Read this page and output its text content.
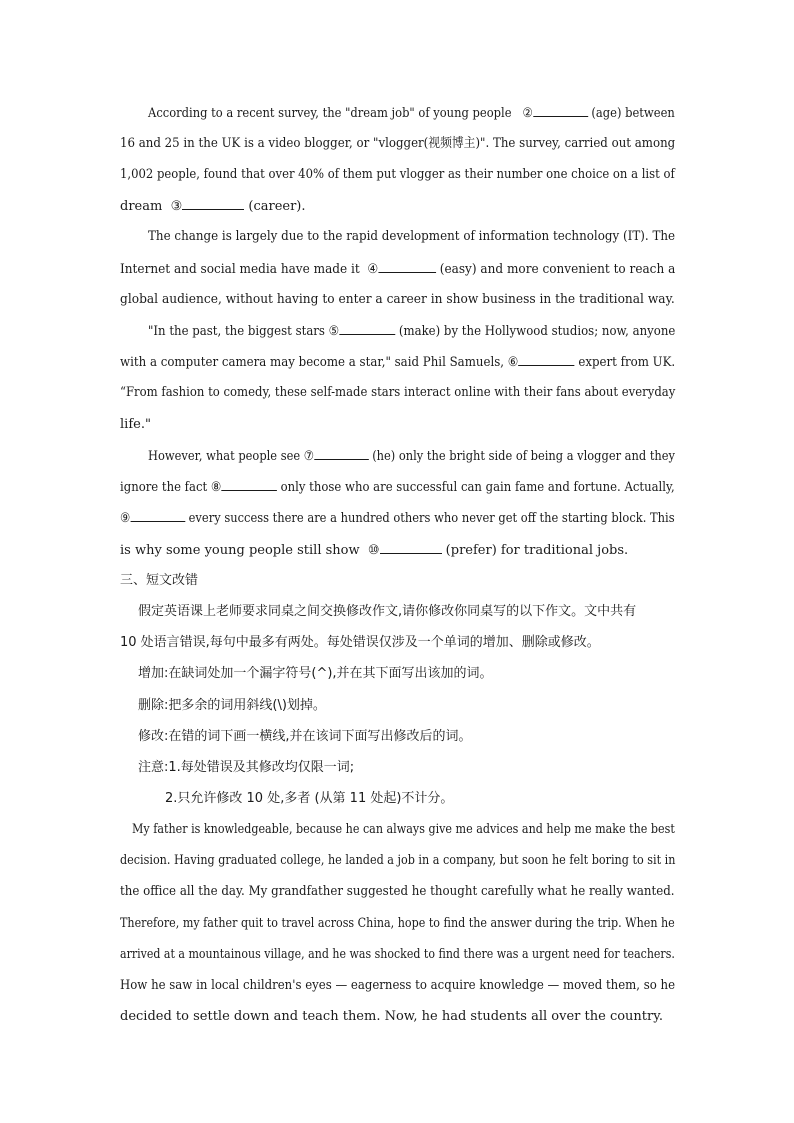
According to a recent survey, the "dream job" of young people ②	(age) between
16 and 25 in the UK is a video blogger, or "vlogger(视频博主)". The survey, carried out among
1,002 people, found that over 40% of them put vlogger as their number one choice on a list of
dream ③	(career).
The change is largely due to the rapid development of information technology (IT). The
Internet and social media have made it ④	(easy) and more convenient to reach a
global audience, without having to enter a career in show business in the traditional way.
"In the past, the biggest stars ⑤	(make) by the Hollywood studios; now, anyone
with a computer camera may become a star," said Phil Samuels, ⑥	expert from UK.
“From fashion to comedy, these self-made stars interact online with their fans about everyday
life."
However, what people see ⑦	(he) only the bright side of being a vlogger and they
ignore the fact ⑧	only those who are successful can gain fame and fortune. Actually,
⑨	every success there are a hundred others who never get off the starting block. This
is why some young people still show ⑩	(prefer) for traditional jobs.
三、短文改错
假定英语课上老师要求同桌之间交换修改作文,请你修改你同桌写的以下作文。文中共有
10 处语言错误,每句中最多有两处。每处错误仅涉及一个单词的增加、删除或修改。
增加:在缺词处加一个漏字符号(^),并在其下面写出该加的词。
删除:把多余的词用斜线(\)划掉。
修改:在错的词下画一横线,并在该词下面写出修改后的词。
注意:1.每处错误及其修改均仅限一词;
2.只允许修改 10 处,多者 (从第 11 处起)不计分。
My father is knowledgeable, because he can always give me advices and help me make the best
decision. Having graduated college, he landed a job in a company, but soon he felt boring to sit in
the office all the day. My grandfather suggested he thought carefully what he really wanted.
Therefore, my father quit to travel across China, hope to find the answer during the trip. When he
arrived at a mountainous village, and he was shocked to find there was a urgent need for teachers.
How he saw in local children's eyes — eagerness to acquire knowledge — moved them, so he
decided to settle down and teach them. Now, he had students all over the country.
